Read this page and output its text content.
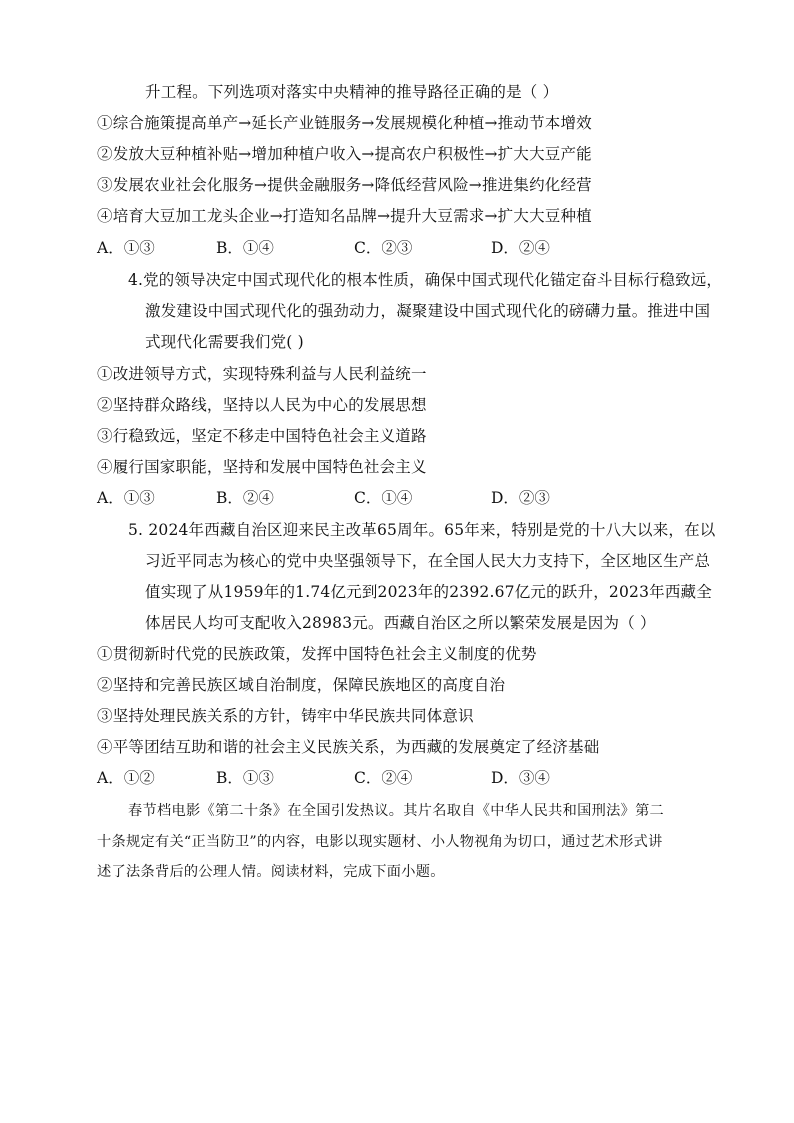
升工程。下列选项对落实中央精神的推导路径正确的是（ ）
①综合施策提高单产→延长产业链服务→发展规模化种植→推动节本增效
②发放大豆种植补贴→增加种植户收入→提高农户积极性→扩大大豆产能
③发展农业社会化服务→提供金融服务→降低经营风险→推进集约化经营
④培育大豆加工龙头企业→打造知名品牌→提升大豆需求→扩大大豆种植
A．①③	B．①④	C．②③	D．②④
4.党的领导决定中国式现代化的根本性质，确保中国式现代化锚定奋斗目标行稳致远，
激发建设中国式现代化的强劲动力，凝聚建设中国式现代化的磅礴力量。推进中国
式现代化需要我们党( )
①改进领导方式，实现特殊利益与人民利益统一
②坚持群众路线，坚持以人民为中心的发展思想
③行稳致远，坚定不移走中国特色社会主义道路
④履行国家职能，坚持和发展中国特色社会主义
A．①③	B．②④	C．①④	D．②③
5. 2024年西藏自治区迎来民主改革65周年。65年来，特别是党的十八大以来，在以
习近平同志为核心的党中央坚强领导下，在全国人民大力支持下，全区地区生产总
值实现了从1959年的1.74亿元到2023年的2392.67亿元的跃升，2023年西藏全
体居民人均可支配收入28983元。西藏自治区之所以繁荣发展是因为（ ）
①贯彻新时代党的民族政策，发挥中国特色社会主义制度的优势
②坚持和完善民族区域自治制度，保障民族地区的高度自治
③坚持处理民族关系的方针，铸牢中华民族共同体意识
④平等团结互助和谐的社会主义民族关系，为西藏的发展奠定了经济基础
A．①②	B．①③	C．②④	D．③④
春节档电影《第二十条》在全国引发热议。其片名取自《中华人民共和国刑法》第二
十条规定有关“正当防卫”的内容，电影以现实题材、小人物视角为切口，通过艺术形式讲
述了法条背后的公理人情。阅读材料，完成下面小题。
